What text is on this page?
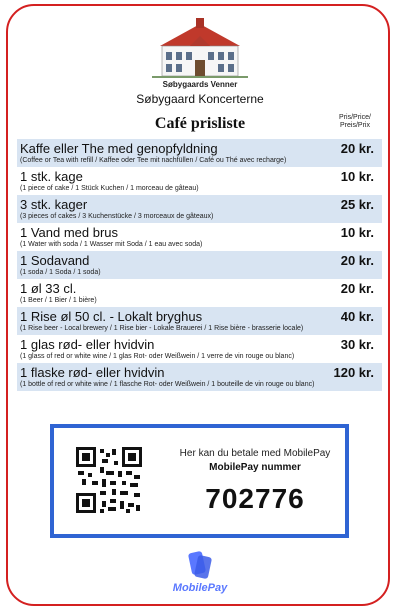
Søbygaards Venner
Søbygaard Koncerterne
Café prisliste	Pris/Price/
Preis/Prix
Kaffe eller The med genopfyldning
(Coffee or Tea with refill / Kaffee oder Tee mit nachfüllen / Café ou Thé avec recharge)
20 kr.
1 stk. kage
(1 piece of cake / 1 Stück Kuchen / 1 morceau de gâteau)
10 kr.
3 stk. kager
(3 pieces of cakes / 3 Kuchenstücke / 3 morceaux de gâteaux)
25 kr.
1 Vand med brus
(1 Water with soda / 1 Wasser mit Soda / 1 eau avec soda)
10 kr.
1 Sodavand
(1 soda / 1 Soda / 1 soda)
20 kr.
1 øl 33 cl.
(1 Beer / 1 Bier / 1 bière)
20 kr.
1 Rise øl 50 cl. - Lokalt bryghus
(1 Rise beer - Local brewery / 1 Rise bier - Lokale Brauerei / 1 Rise bière - brasserie locale)
40 kr.
1 glas rød- eller hvidvin
(1 glass of red or white wine / 1 glas Rot- oder Weißwein / 1 verre de vin rouge ou blanc)
30 kr.
1 flaske rød- eller hvidvin
(1 bottle of red or white wine / 1 flasche Rot- oder Weißwein / 1 bouteille de vin rouge ou blanc)
120 kr.
Her kan du betale med MobilePay
MobilePay nummer
702776
MobilePay
